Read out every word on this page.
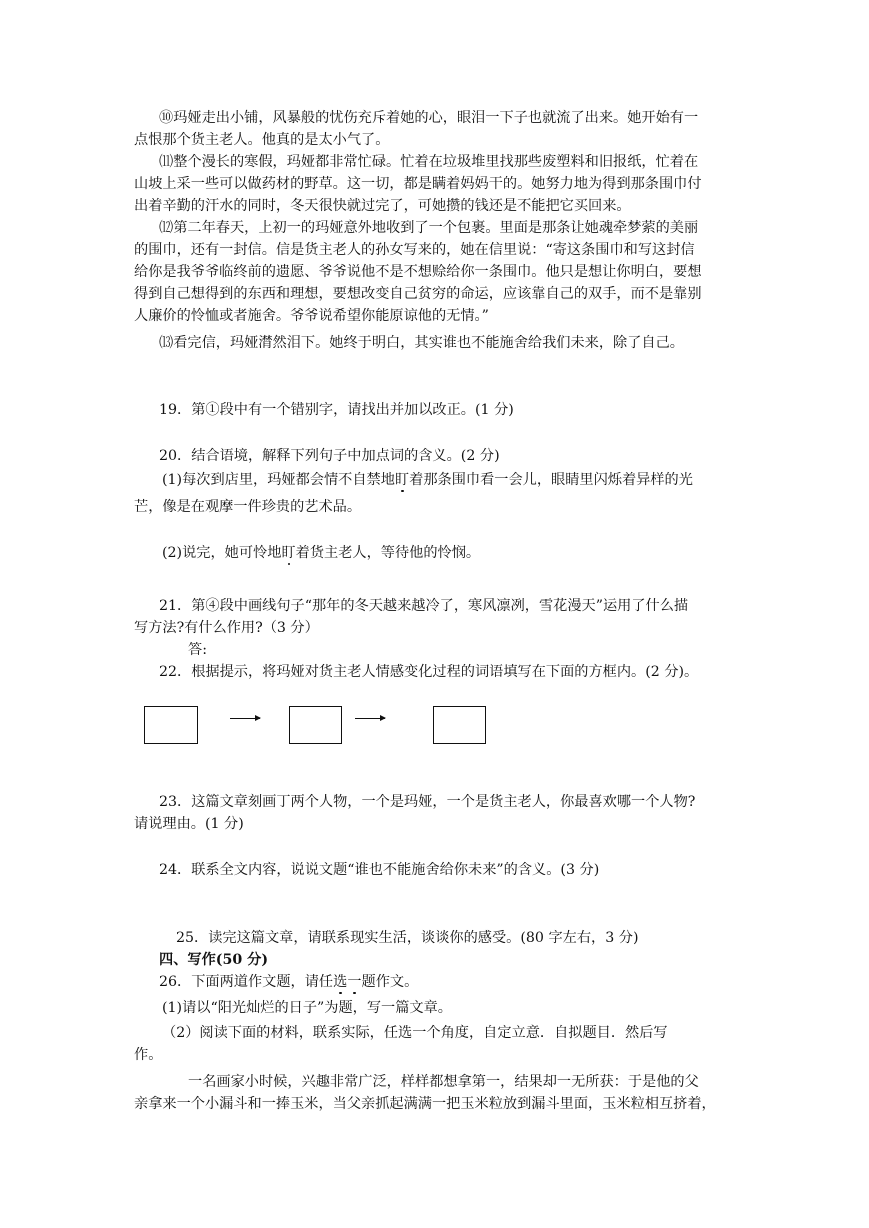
⑩玛娅走出小铺，风暴般的忧伤充斥着她的心，眼泪一下子也就流了出来。她开始有一
点恨那个货主老人。他真的是太小气了。
⑾整个漫长的寒假，玛娅都非常忙碌。忙着在垃圾堆里找那些废塑料和旧报纸，忙着在
山坡上采一些可以做药材的野草。这一切，都是瞒着妈妈干的。她努力地为得到那条围巾付
出着辛勤的汗水的同时，冬天很快就过完了，可她攒的钱还是不能把它买回来。
⑿第二年春天，上初一的玛娅意外地收到了一个包裹。里面是那条让她魂牵梦萦的美丽
的围巾，还有一封信。信是货主老人的孙女写来的，她在信里说：“寄这条围巾和写这封信
给你是我爷爷临终前的遗愿、爷爷说他不是不想赊给你一条围巾。他只是想让你明白，要想
得到自己想得到的东西和理想，要想改变自己贫穷的命运，应该靠自己的双手，而不是靠别
人廉价的怜恤或者施舍。爷爷说希望你能原谅他的无情。”
⒀看完信，玛娅潸然泪下。她终于明白，其实谁也不能施舍给我们未来，除了自己。
19．第①段中有一个错别字，请找出并加以改正。(1 分)
20．结合语境，解释下列句子中加点词的含义。(2 分)
(1)每次到店里，玛娅都会情不自禁地盯着那条围巾看一会儿，眼睛里闪烁着异样的光
芒，像是在观摩一件珍贵的艺术品。
(2)说完，她可怜地盯着货主老人，等待他的怜悯。
21．第④段中画线句子“那年的冬天越来越冷了，寒风凛冽，雪花漫天”运用了什么描
写方法?有什么作用?（3 分）
答:
22．根据提示，将玛娅对货主老人情感变化过程的词语填写在下面的方框内。(2 分)。
23．这篇文章刻画丁两个人物，一个是玛娅，一个是货主老人，你最喜欢哪一个人物?
请说理由。(1 分)
24．联系全文内容，说说文题“谁也不能施舍给你未来”的含义。(3 分)
25．读完这篇文章，请联系现实生活，谈谈你的感受。(80 字左右，3 分)
四、写作(50 分)
26．下面两道作文题，请任选一题作文。
(1)请以“阳光灿烂的日子”为题，写一篇文章。
（2）阅读下面的材料，联系实际，任选一个角度，自定立意．自拟题目．然后写
作。
一名画家小时候，兴趣非常广泛，样样都想拿第一，结果却一无所获：于是他的父
亲拿来一个小漏斗和一捧玉米，当父亲抓起满满一把玉米粒放到漏斗里面，玉米粒相互挤着，
